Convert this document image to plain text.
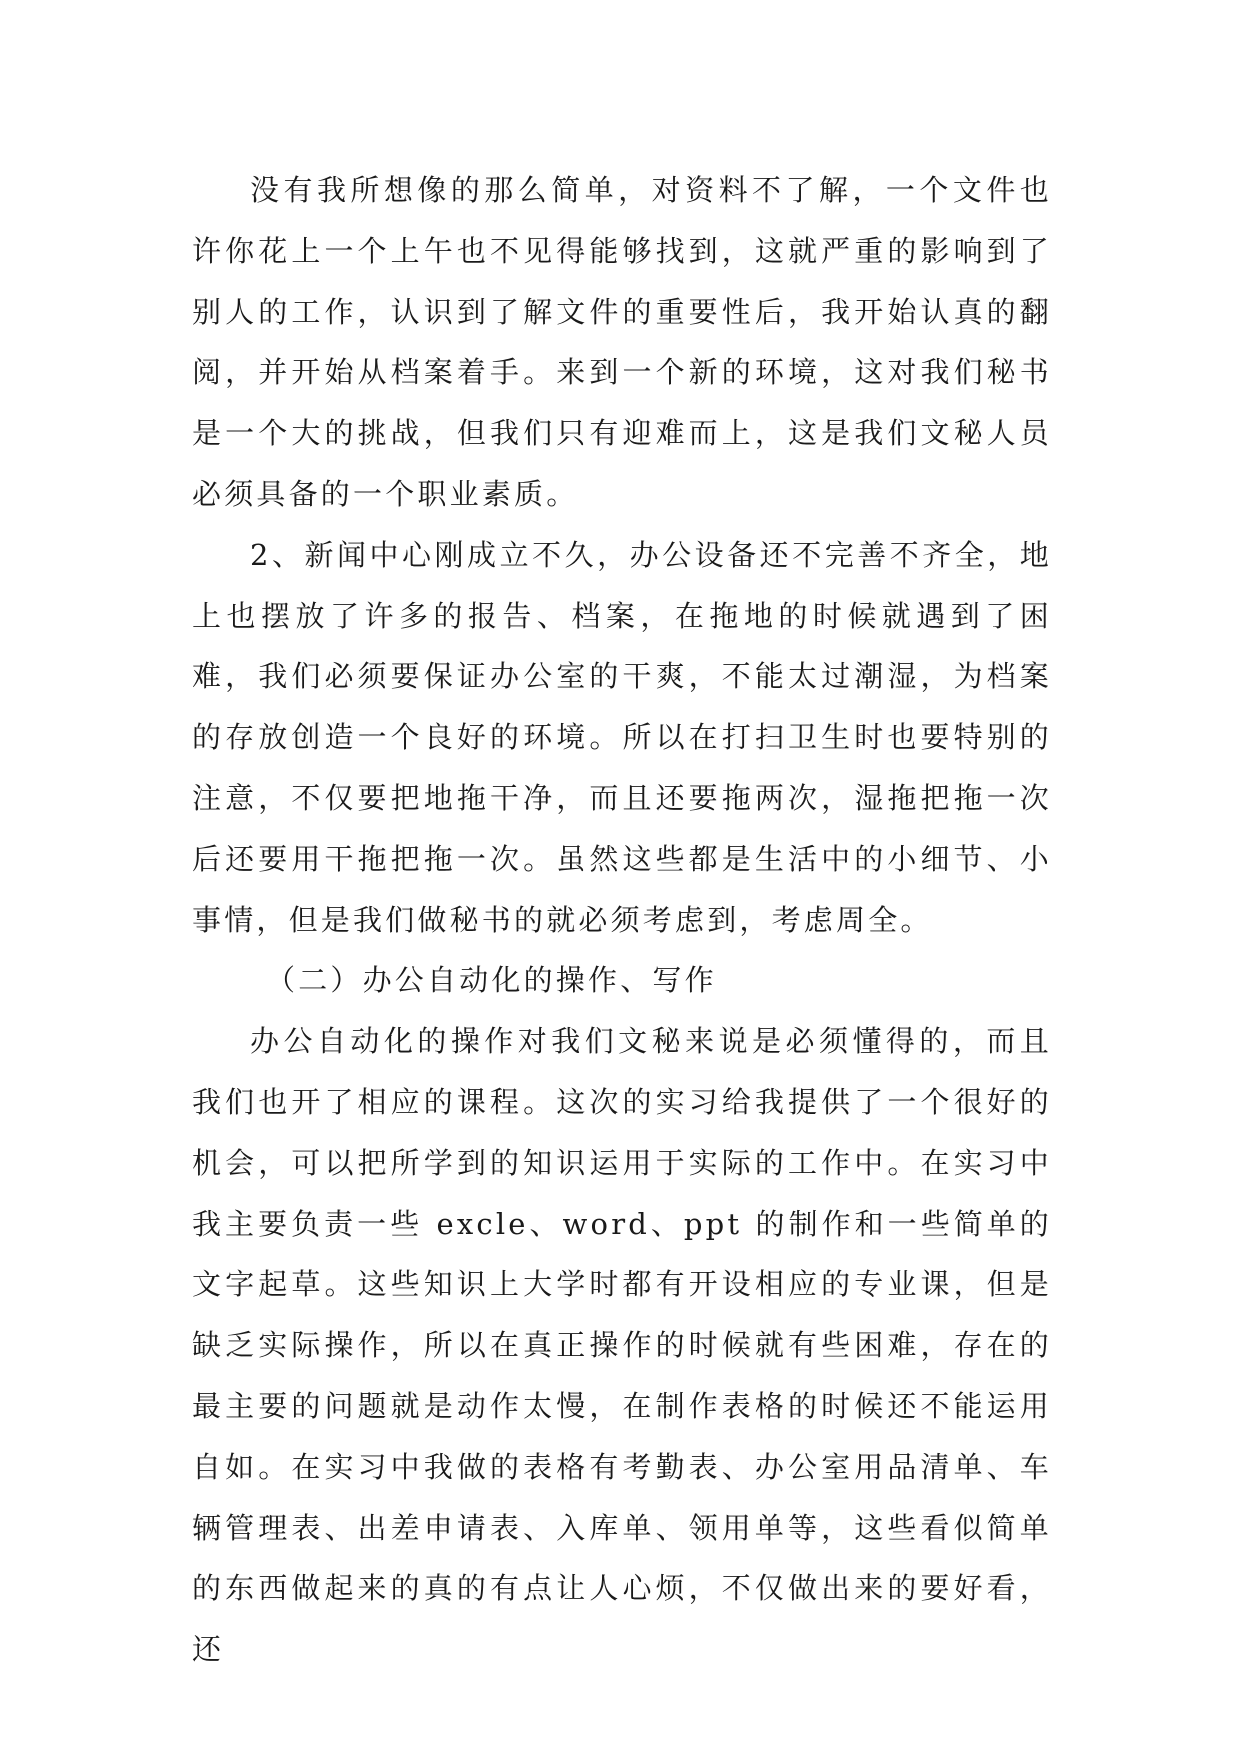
没有我所想像的那么简单，对资料不了解，一个文件也许你花上一个上午也不见得能够找到，这就严重的影响到了别人的工作，认识到了解文件的重要性后，我开始认真的翻阅，并开始从档案着手。来到一个新的环境，这对我们秘书是一个大的挑战，但我们只有迎难而上，这是我们文秘人员必须具备的一个职业素质。

2、新闻中心刚成立不久，办公设备还不完善不齐全，地上也摆放了许多的报告、档案，在拖地的时候就遇到了困难，我们必须要保证办公室的干爽，不能太过潮湿，为档案的存放创造一个良好的环境。所以在打扫卫生时也要特别的注意，不仅要把地拖干净，而且还要拖两次，湿拖把拖一次后还要用干拖把拖一次。虽然这些都是生活中的小细节、小事情，但是我们做秘书的就必须考虑到，考虑周全。

（二）办公自动化的操作、写作

办公自动化的操作对我们文秘来说是必须懂得的，而且我们也开了相应的课程。这次的实习给我提供了一个很好的机会，可以把所学到的知识运用于实际的工作中。在实习中我主要负责一些 excle、word、ppt 的制作和一些简单的文字起草。这些知识上大学时都有开设相应的专业课，但是缺乏实际操作，所以在真正操作的时候就有些困难，存在的最主要的问题就是动作太慢，在制作表格的时候还不能运用自如。在实习中我做的表格有考勤表、办公室用品清单、车辆管理表、出差申请表、入库单、领用单等，这些看似简单的东西做起来的真的有点让人心烦，不仅做出来的要好看，还
